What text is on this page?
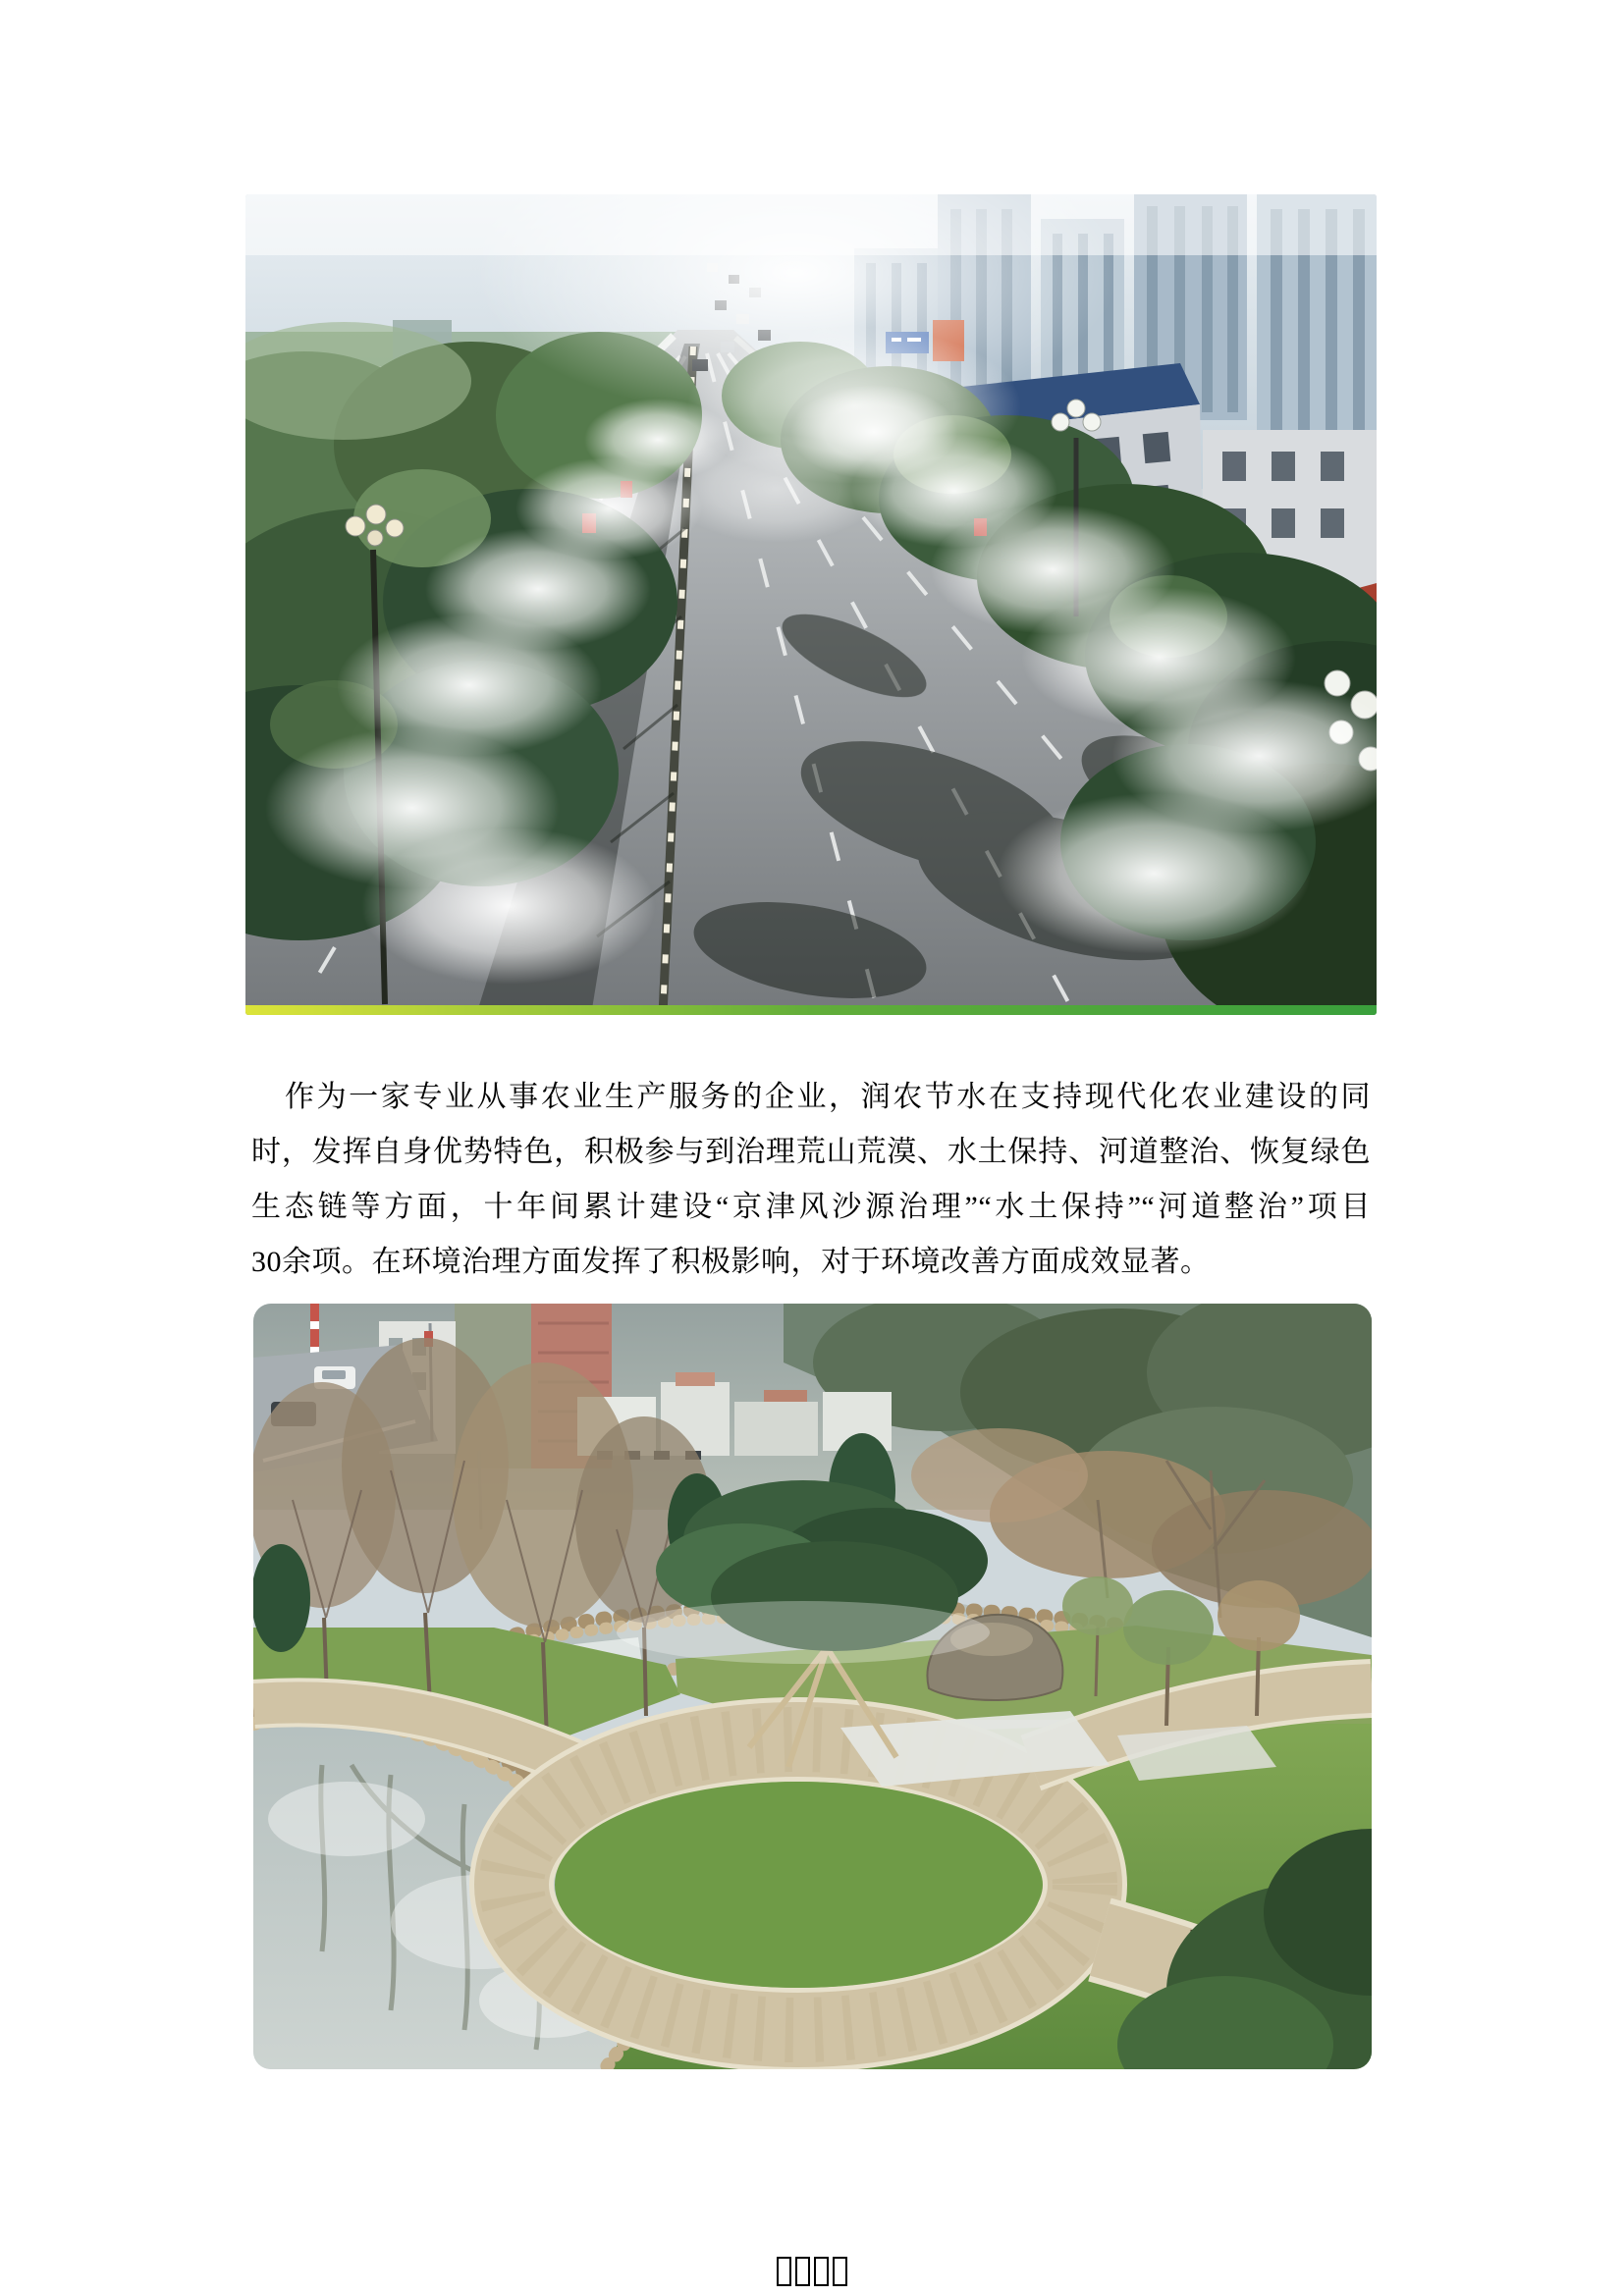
作为一家专业从事农业生产服务的企业，润农节水在支持现代化农业建设的同
时，发挥自身优势特色，积极参与到治理荒山荒漠、水土保持、河道整治、恢复绿色
生态链等方面，十年间累计建设“京津风沙源治理”“水土保持”“河道整治”项目
30余项。在环境治理方面发挥了积极影响，对于环境改善方面成效显著。
